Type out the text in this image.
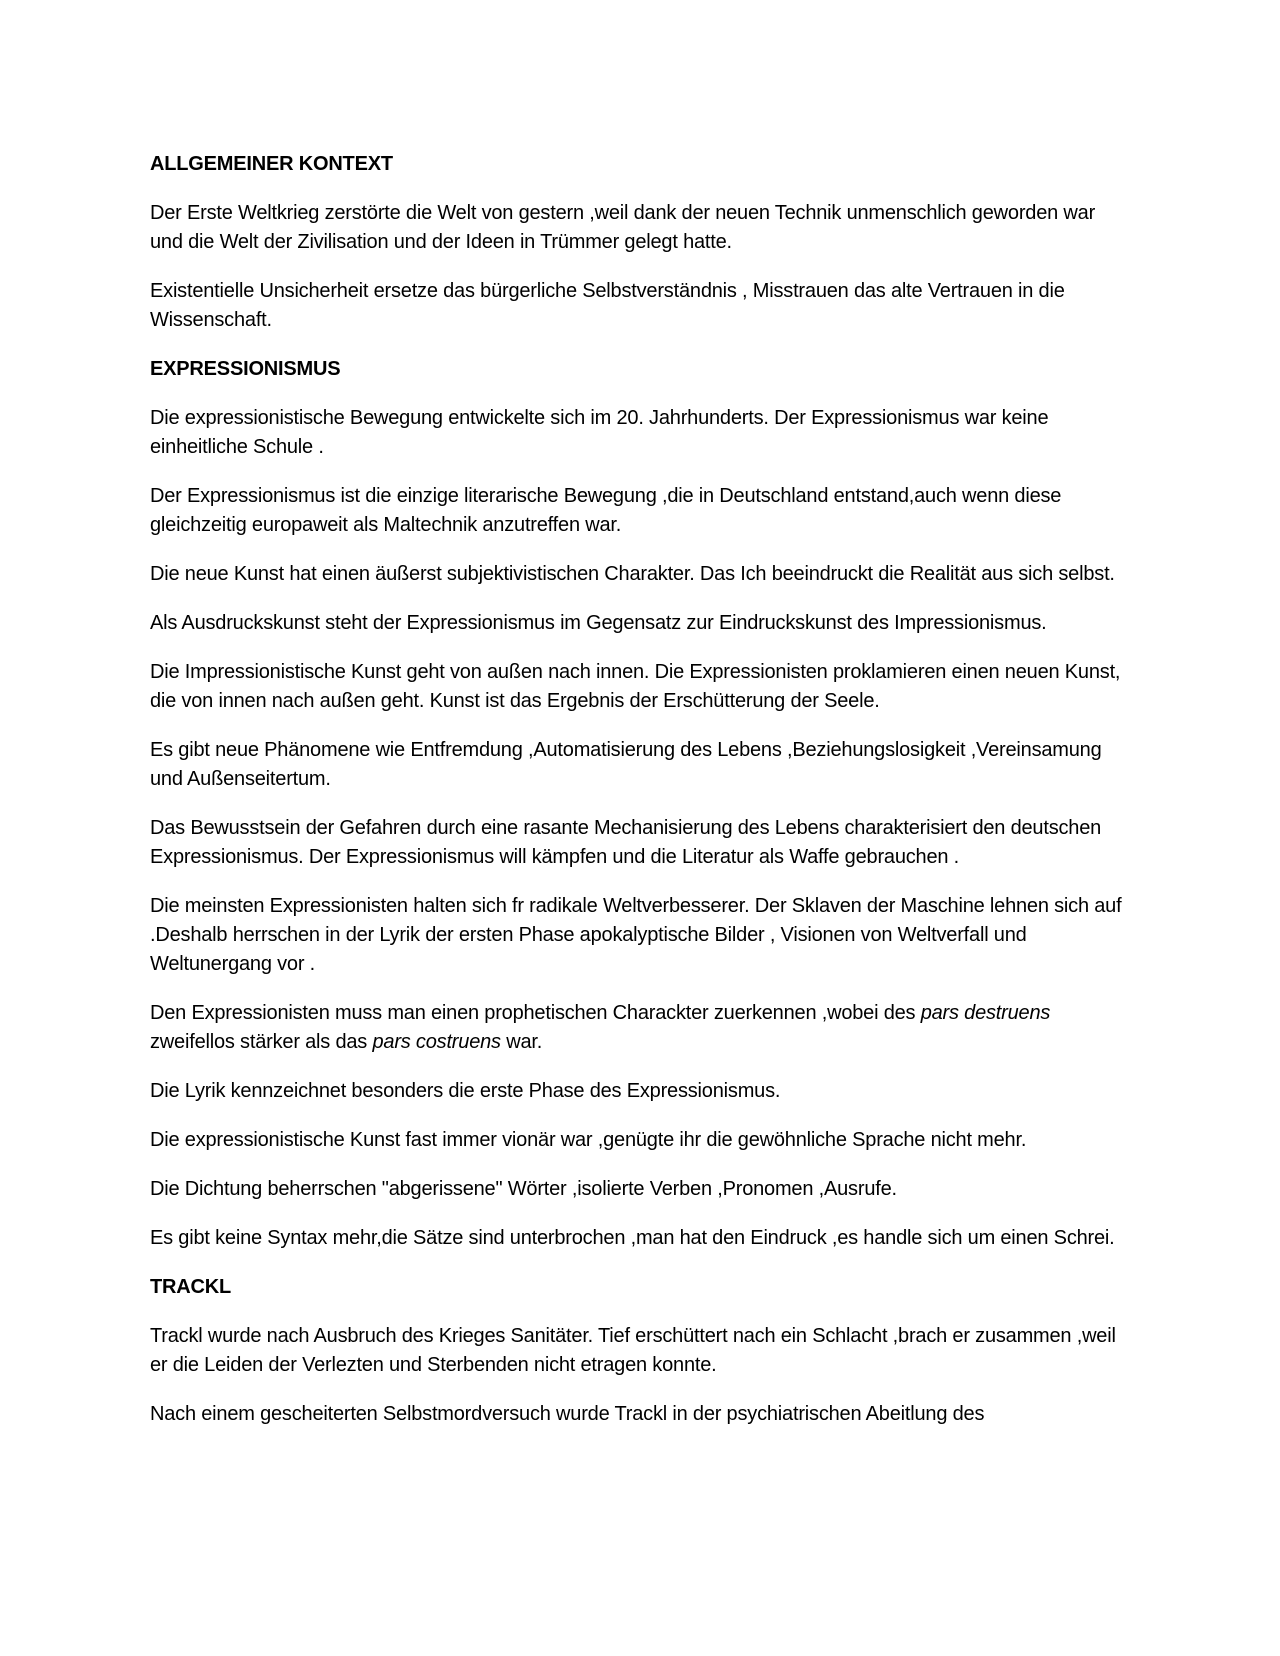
ALLGEMEINER KONTEXT
Der Erste Weltkrieg zerstörte die Welt von gestern ,weil dank der neuen Technik unmenschlich geworden war und die Welt der Zivilisation und der Ideen in Trümmer gelegt hatte.
Existentielle Unsicherheit ersetze das bürgerliche Selbstverständnis , Misstrauen das alte Vertrauen in die Wissenschaft.
EXPRESSIONISMUS
Die expressionistische Bewegung entwickelte sich im 20. Jahrhunderts. Der Expressionismus war keine einheitliche Schule .
Der Expressionismus ist die einzige literarische Bewegung ,die in Deutschland entstand,auch wenn diese gleichzeitig europaweit als Maltechnik anzutreffen war.
Die neue Kunst hat einen äußerst subjektivistischen Charakter. Das Ich beeindruckt die Realität aus sich selbst.
Als Ausdruckskunst steht der Expressionismus im Gegensatz zur Eindruckskunst des Impressionismus.
Die Impressionistische Kunst geht von außen nach innen. Die Expressionisten proklamieren einen neuen Kunst, die von innen nach außen geht. Kunst ist das Ergebnis der Erschütterung der Seele.
Es gibt neue Phänomene wie Entfremdung ,Automatisierung des Lebens ,Beziehungslosigkeit ,Vereinsamung und Außenseitertum.
Das Bewusstsein der Gefahren durch eine rasante Mechanisierung des Lebens charakterisiert den deutschen Expressionismus. Der Expressionismus will kämpfen und die Literatur als Waffe gebrauchen .
Die meinsten Expressionisten halten sich fr radikale Weltverbesserer. Der Sklaven der Maschine lehnen sich auf .Deshalb herrschen in der Lyrik der ersten Phase apokalyptische Bilder , Visionen von Weltverfall und Weltunergang vor .
Den Expressionisten muss man einen prophetischen Charackter zuerkennen ,wobei des pars destruens zweifellos stärker als das pars costruens war.
Die Lyrik kennzeichnet besonders die erste Phase des Expressionismus.
Die expressionistische Kunst fast immer vionär war ,genügte ihr die gewöhnliche Sprache nicht mehr.
Die Dichtung beherrschen "abgerissene" Wörter ,isolierte Verben ,Pronomen ,Ausrufe.
Es gibt keine Syntax mehr,die Sätze sind unterbrochen ,man hat den Eindruck ,es handle sich um einen Schrei.
TRACKL
Trackl wurde nach Ausbruch des Krieges Sanitäter. Tief erschüttert nach ein Schlacht ,brach er zusammen ,weil er die Leiden der Verlezten und Sterbenden nicht etragen konnte.
Nach einem gescheiterten Selbstmordversuch wurde Trackl in der psychiatrischen Abeitlung des
